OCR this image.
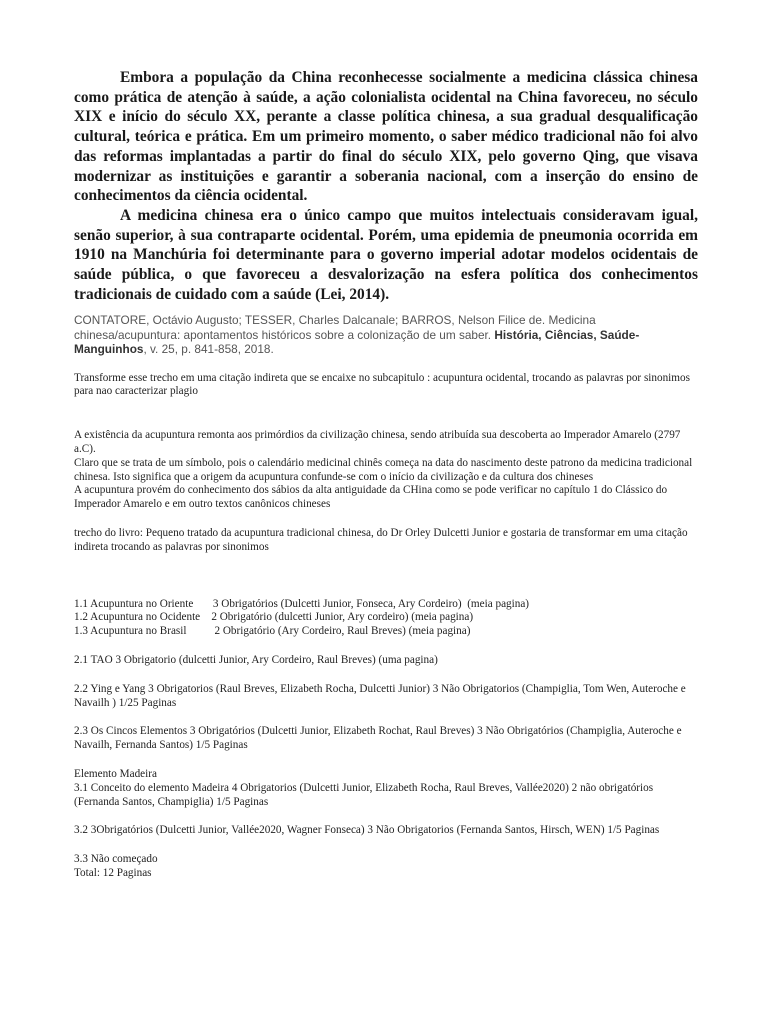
Embora a população da China reconhecesse socialmente a medicina clássica chinesa como prática de atenção à saúde, a ação colonialista ocidental na China favoreceu, no século XIX e início do século XX, perante a classe política chinesa, a sua gradual desqualificação cultural, teórica e prática. Em um primeiro momento, o saber médico tradicional não foi alvo das reformas implantadas a partir do final do século XIX, pelo governo Qing, que visava modernizar as instituições e garantir a soberania nacional, com a inserção do ensino de conhecimentos da ciência ocidental.

A medicina chinesa era o único campo que muitos intelectuais consideravam igual, senão superior, à sua contraparte ocidental. Porém, uma epidemia de pneumonia ocorrida em 1910 na Manchúria foi determinante para o governo imperial adotar modelos ocidentais de saúde pública, o que favoreceu a desvalorização na esfera política dos conhecimentos tradicionais de cuidado com a saúde (Lei, 2014).

CONTATORE, Octávio Augusto; TESSER, Charles Dalcanale; BARROS, Nelson Filice de. Medicina chinesa/acupuntura: apontamentos históricos sobre a colonização de um saber. História, Ciências, Saúde-Manguinhos, v. 25, p. 841-858, 2018.

Transforme esse trecho em uma citação indireta que se encaixe no subcapitulo : acupuntura ocidental, trocando as palavras por sinonimos para nao caracterizar plagio

A existência da acupuntura remonta aos primórdios da civilização chinesa, sendo atribuída sua descoberta ao Imperador Amarelo (2797 a.C).

Claro que se trata de um símbolo, pois o calendário medicinal chinês começa na data do nascimento deste patrono da medicina tradicional chinesa. Isto significa que a origem da acupuntura confunde-se com o início da civilização e da cultura dos chineses

A acupuntura provém do conhecimento dos sábios da alta antiguidade da CHina como se pode verificar no capítulo 1 do Clássico do Imperador Amarelo e em outro textos canônicos chineses

trecho do livro: Pequeno tratado da acupuntura tradicional chinesa, do Dr Orley Dulcetti Junior e gostaria de transformar em uma citação indireta trocando as palavras por sinonimos

1.1 Acupuntura no Oriente       3 Obrigatórios (Dulcetti Junior, Fonseca, Ary Cordeiro)  (meia pagina)

1.2 Acupuntura no Ocidente    2 Obrigatório (dulcetti Junior, Ary cordeiro) (meia pagina)

1.3 Acupuntura no Brasil          2 Obrigatório (Ary Cordeiro, Raul Breves) (meia pagina)

2.1 TAO 3 Obrigatorio (dulcetti Junior, Ary Cordeiro, Raul Breves) (uma pagina)

2.2 Ying e Yang 3 Obrigatorios (Raul Breves, Elizabeth Rocha, Dulcetti Junior) 3 Não Obrigatorios (Champiglia, Tom Wen, Auteroche e Navailh ) 1/25 Paginas

2.3 Os Cincos Elementos 3 Obrigatórios (Dulcetti Junior, Elizabeth Rochat, Raul Breves) 3 Não Obrigatórios (Champiglia, Auteroche e Navailh, Fernanda Santos) 1/5 Paginas

Elemento Madeira

3.1 Conceito do elemento Madeira 4 Obrigatorios (Dulcetti Junior, Elizabeth Rocha, Raul Breves, Vallée2020) 2 não obrigatórios (Fernanda Santos, Champiglia) 1/5 Paginas

3.2 3Obrigatórios (Dulcetti Junior, Vallée2020, Wagner Fonseca) 3 Não Obrigatorios (Fernanda Santos, Hirsch, WEN) 1/5 Paginas

3.3 Não começado

Total: 12 Paginas
